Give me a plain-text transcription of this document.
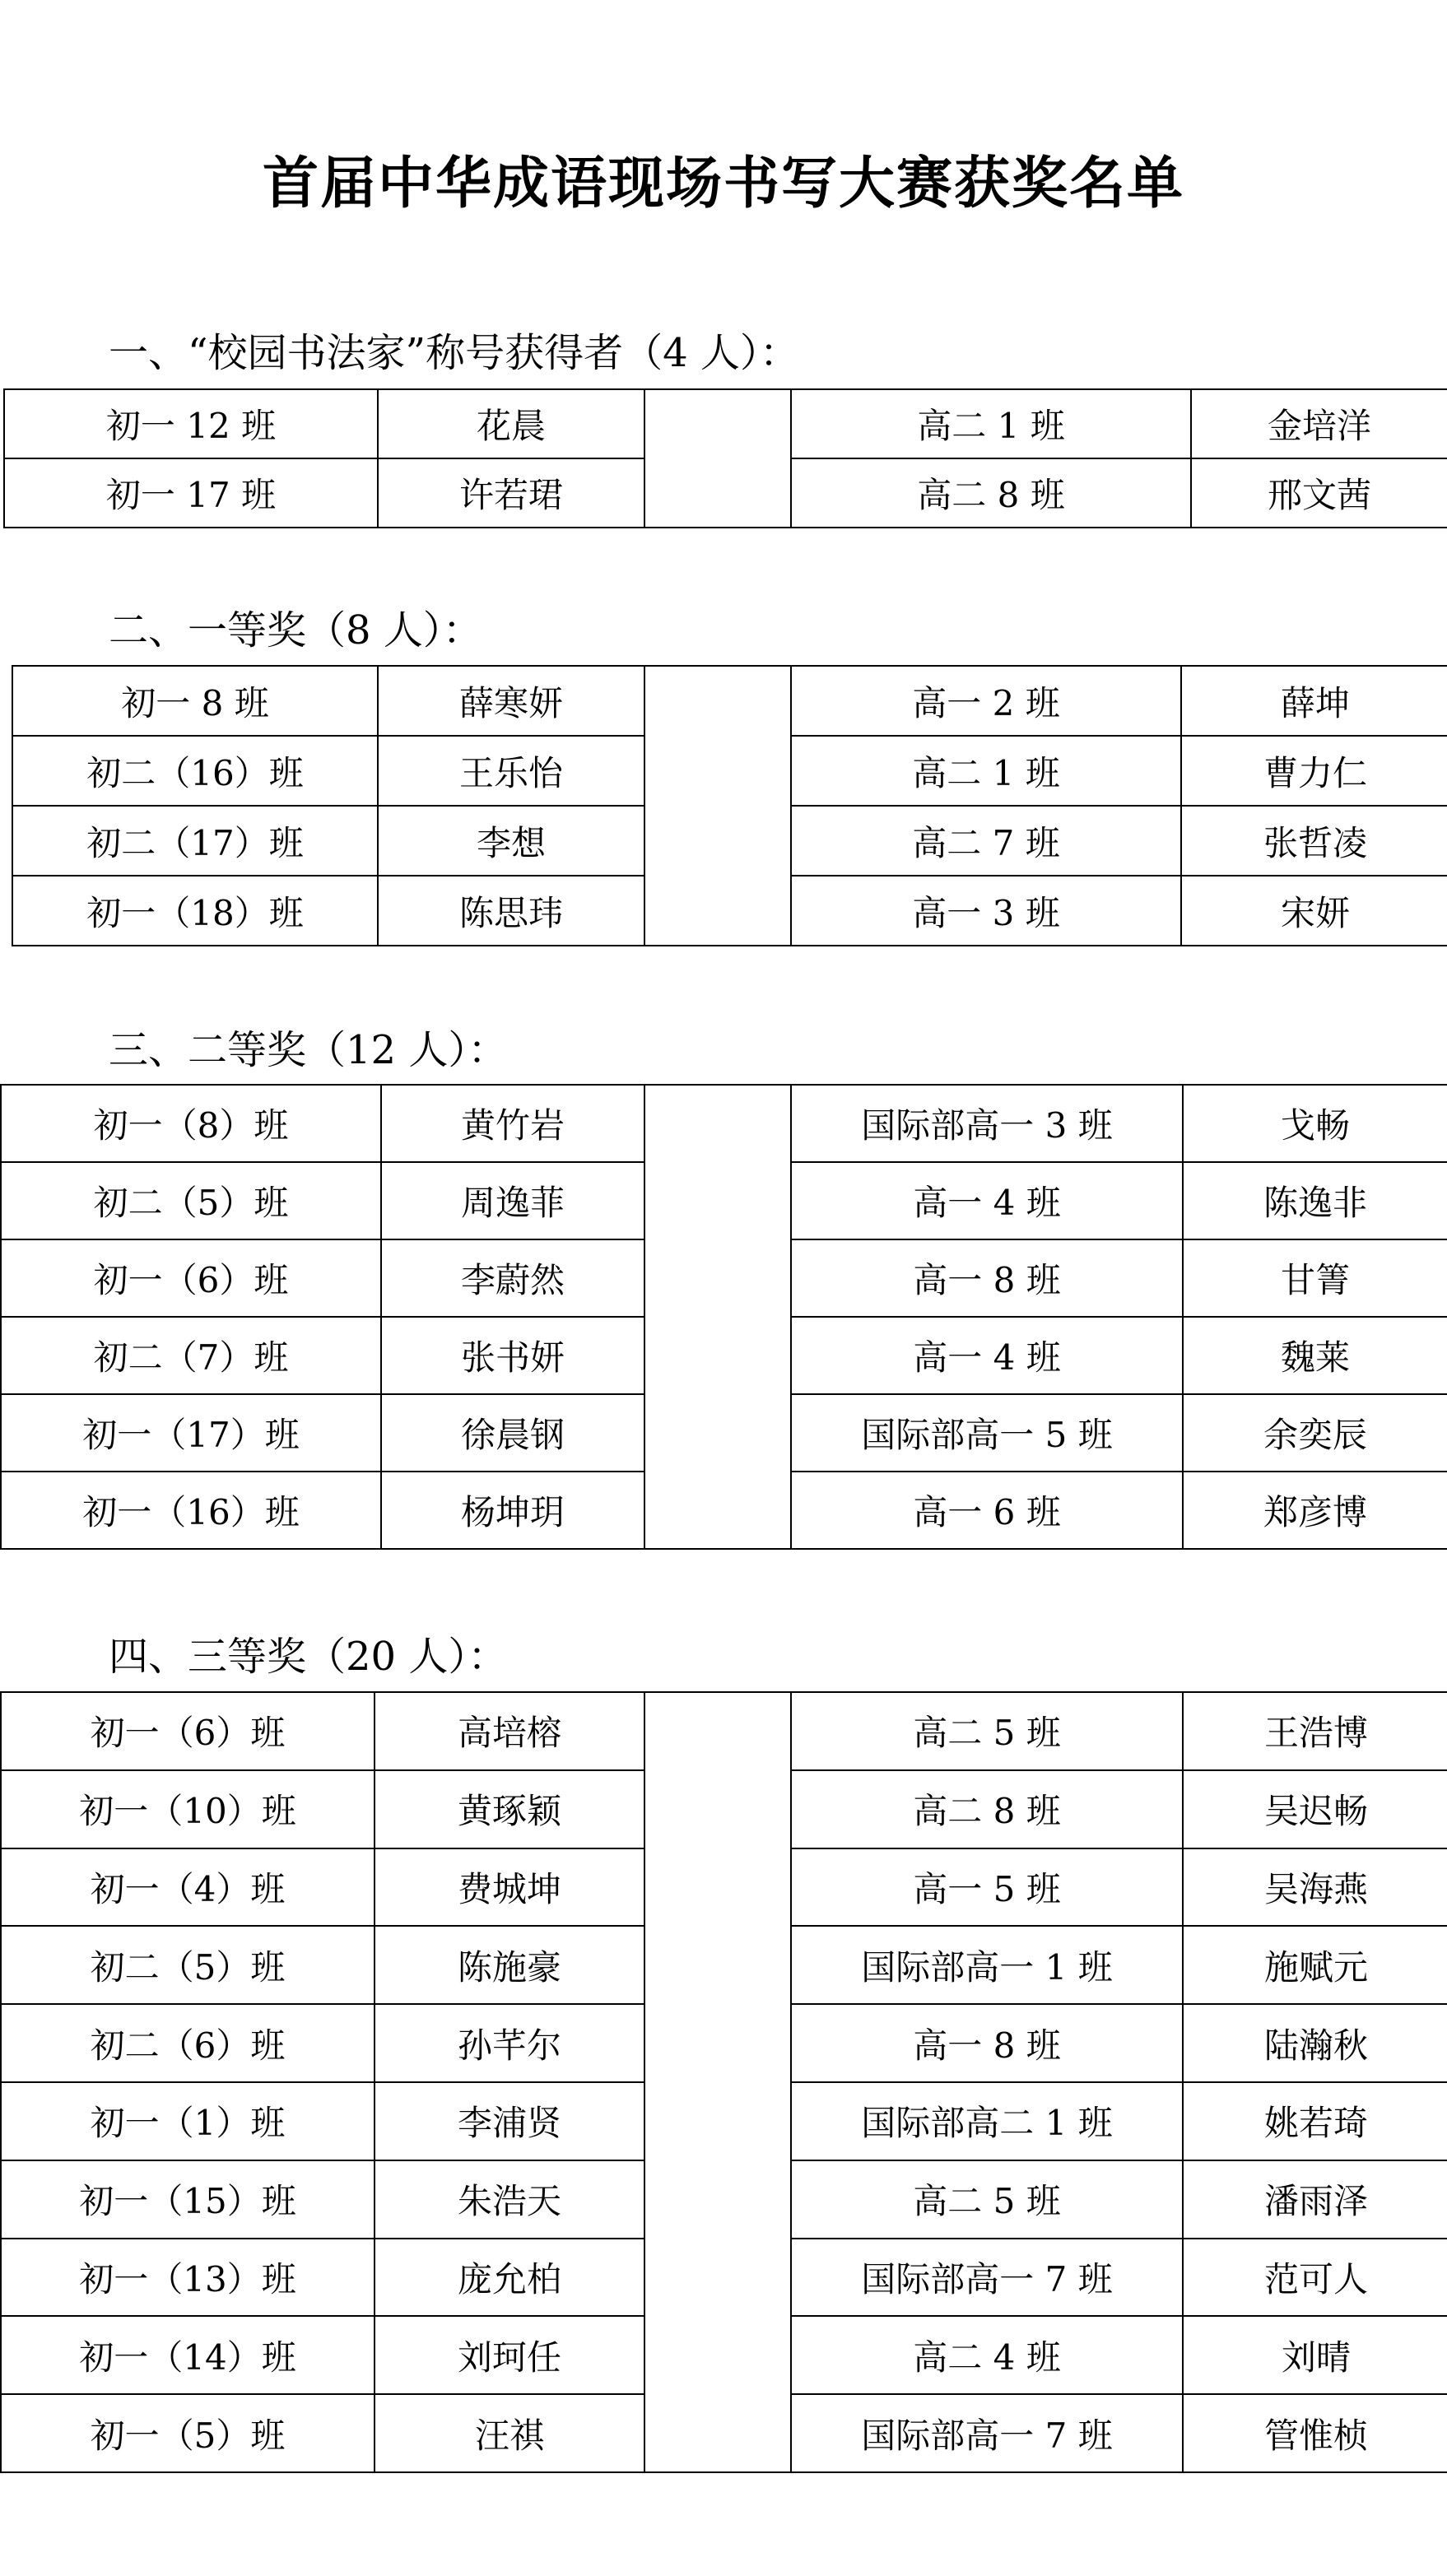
首届中华成语现场书写大赛获奖名单
一、“校园书法家”称号获得者（4 人）：
初一 12 班	花晨		高二 1 班	金培洋
初一 17 班	许若珺		高二 8 班	邢文茜
二、一等奖（8 人）：
初一 8 班	薛寒妍		高一 2 班	薛坤
初二（16）班	王乐怡		高二 1 班	曹力仁
初二（17）班	李想		高二 7 班	张哲凌
初一（18）班	陈思玮		高一 3 班	宋妍
三、二等奖（12 人）：
初一（8）班	黄竹岩		国际部高一 3 班	戈畅
初二（5）班	周逸菲		高一 4 班	陈逸非
初一（6）班	李蔚然		高一 8 班	甘箐
初二（7）班	张书妍		高一 4 班	魏莱
初一（17）班	徐晨钢		国际部高一 5 班	余奕辰
初一（16）班	杨坤玥		高一 6 班	郑彦博
四、三等奖（20 人）：
初一（6）班	高培榕		高二 5 班	王浩博
初一（10）班	黄琢颖		高二 8 班	吴迟畅
初一（4）班	费城坤		高一 5 班	吴海燕
初二（5）班	陈施豪		国际部高一 1 班	施赋元
初二（6）班	孙芊尔		高一 8 班	陆瀚秋
初一（1）班	李浦贤		国际部高二 1 班	姚若琦
初一（15）班	朱浩天		高二 5 班	潘雨泽
初一（13）班	庞允柏		国际部高一 7 班	范可人
初一（14）班	刘珂任		高二 4 班	刘晴
初一（5）班	汪祺		国际部高一 7 班	管惟桢
